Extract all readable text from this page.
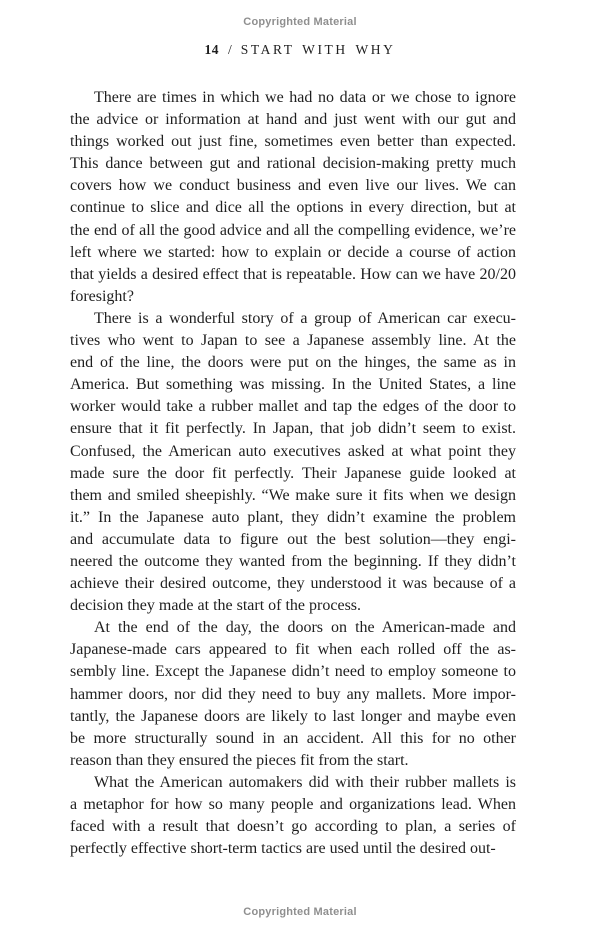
Copyrighted Material
14 / START WITH WHY
There are times in which we had no data or we chose to ignore
the advice or information at hand and just went with our gut and
things worked out just fine, sometimes even better than expected.
This dance between gut and rational decision-making pretty much
covers how we conduct business and even live our lives. We can
continue to slice and dice all the options in every direction, but at
the end of all the good advice and all the compelling evidence, we’re
left where we started: how to explain or decide a course of action
that yields a desired effect that is repeatable. How can we have 20/20
foresight?
There is a wonderful story of a group of American car execu-
tives who went to Japan to see a Japanese assembly line. At the
end of the line, the doors were put on the hinges, the same as in
America. But something was missing. In the United States, a line
worker would take a rubber mallet and tap the edges of the door to
ensure that it fit perfectly. In Japan, that job didn’t seem to exist.
Confused, the American auto executives asked at what point they
made sure the door fit perfectly. Their Japanese guide looked at
them and smiled sheepishly. “We make sure it fits when we design
it.” In the Japanese auto plant, they didn’t examine the problem
and accumulate data to figure out the best solution—they engi-
neered the outcome they wanted from the beginning. If they didn’t
achieve their desired outcome, they understood it was because of a
decision they made at the start of the process.
At the end of the day, the doors on the American-made and
Japanese-made cars appeared to fit when each rolled off the as-
sembly line. Except the Japanese didn’t need to employ someone to
hammer doors, nor did they need to buy any mallets. More impor-
tantly, the Japanese doors are likely to last longer and maybe even
be more structurally sound in an accident. All this for no other
reason than they ensured the pieces fit from the start.
What the American automakers did with their rubber mallets is
a metaphor for how so many people and organizations lead. When
faced with a result that doesn’t go according to plan, a series of
perfectly effective short-term tactics are used until the desired out-
Copyrighted Material
